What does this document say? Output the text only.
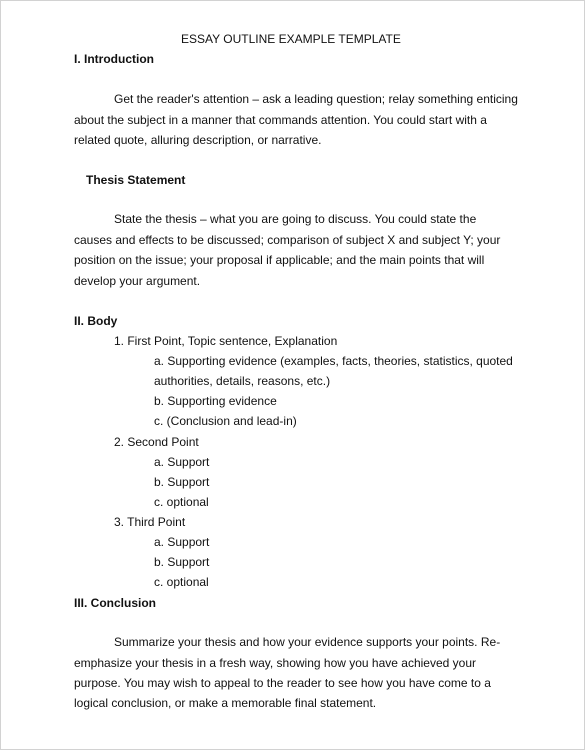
ESSAY OUTLINE EXAMPLE TEMPLATE
I. Introduction
Get the reader's attention – ask a leading question; relay something enticing
about the subject in a manner that commands attention. You could start with a
related quote, alluring description, or narrative.
Thesis Statement
State the thesis – what you are going to discuss. You could state the
causes and effects to be discussed; comparison of subject X and subject Y; your
position on the issue; your proposal if applicable; and the main points that will
develop your argument.
II. Body
1. First Point, Topic sentence, Explanation
a. Supporting evidence (examples, facts, theories, statistics, quoted
authorities, details, reasons, etc.)
b. Supporting evidence
c. (Conclusion and lead-in)
2. Second Point
a. Support
b. Support
c. optional
3. Third Point
a. Support
b. Support
c. optional
III. Conclusion
Summarize your thesis and how your evidence supports your points. Re-
emphasize your thesis in a fresh way, showing how you have achieved your
purpose. You may wish to appeal to the reader to see how you have come to a
logical conclusion, or make a memorable final statement.
